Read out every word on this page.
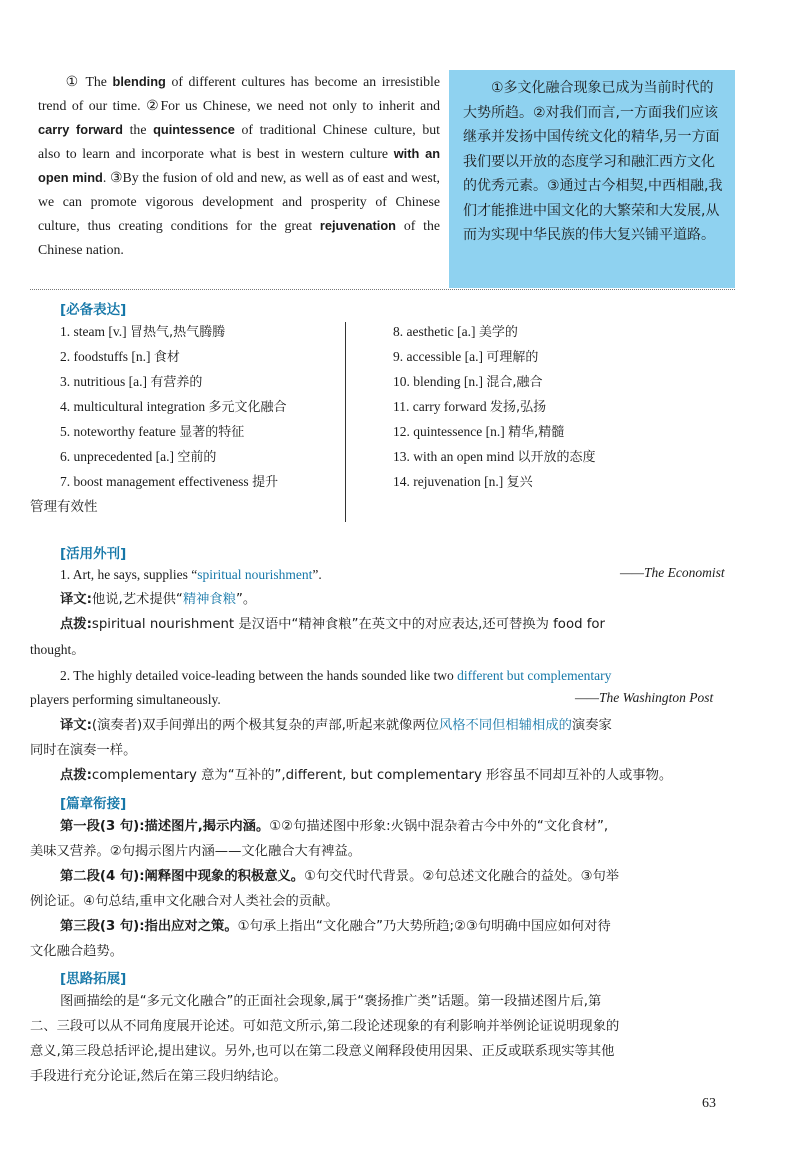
① The blending of different cultures has become an irresistible trend of our time. ②For us Chinese, we need not only to inherit and carry forward the quintessence of traditional Chinese culture, but also to learn and incorporate what is best in western culture with an open mind. ③By the fusion of old and new, as well as of east and west, we can promote vigorous development and prosperity of Chinese culture, thus creating conditions for the great rejuvenation of the Chinese nation.

①多文化融合现象已成为当前时代的大势所趋。②对我们而言,一方面我们应该继承并发扬中国传统文化的精华,另一方面我们要以开放的态度学习和融汇西方文化的优秀元素。③通过古今相契,中西相融,我们才能推进中国文化的大繁荣和大发展,从而为实现中华民族的伟大复兴铺平道路。

[必备表达]
1. steam [v.] 冒热气,热气腾腾
2. foodstuffs [n.] 食材
3. nutritious [a.] 有营养的
4. multicultural integration 多元文化融合
5. noteworthy feature 显著的特征
6. unprecedented [a.] 空前的
7. boost management effectiveness 提升
管理有效性
8. aesthetic [a.] 美学的
9. accessible [a.] 可理解的
10. blending [n.] 混合,融合
11. carry forward 发扬,弘扬
12. quintessence [n.] 精华,精髓
13. with an open mind 以开放的态度
14. rejuvenation [n.] 复兴
[活用外刊]
1. Art, he says, supplies “spiritual nourishment”.	——The Economist
译文:他说,艺术提供“精神食粮”。
点拨:spiritual nourishment 是汉语中“精神食粮”在英文中的对应表达,还可替换为 food for
thought。
2. The highly detailed voice-leading between the hands sounded like two different but complementary
players performing simultaneously.	——The Washington Post
译文:(演奏者)双手间弹出的两个极其复杂的声部,听起来就像两位风格不同但相辅相成的演奏家
同时在演奏一样。
点拨:complementary 意为“互补的”,different, but complementary 形容虽不同却互补的人或事物。
[篇章衔接]
第一段(3 句):描述图片,揭示内涵。①②句描述图中形象:火锅中混杂着古今中外的“文化食材”,
美味又营养。②句揭示图片内涵——文化融合大有裨益。
第二段(4 句):阐释图中现象的积极意义。①句交代时代背景。②句总述文化融合的益处。③句举
例论证。④句总结,重申文化融合对人类社会的贡献。
第三段(3 句):指出应对之策。①句承上指出“文化融合”乃大势所趋;②③句明确中国应如何对待
文化融合趋势。
[思路拓展]
图画描绘的是“多元文化融合”的正面社会现象,属于“褒扬推广类”话题。第一段描述图片后,第
二、三段可以从不同角度展开论述。可如范文所示,第二段论述现象的有利影响并举例论证说明现象的
意义,第三段总括评论,提出建议。另外,也可以在第二段意义阐释段使用因果、正反或联系现实等其他
手段进行充分论证,然后在第三段归纳结论。
63
